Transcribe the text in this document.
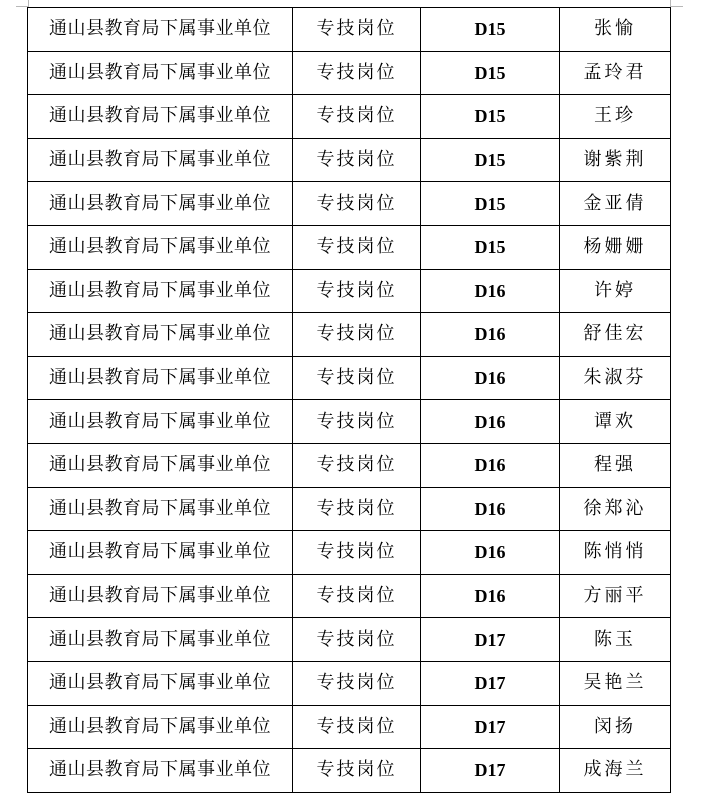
通山县教育局下属事业单位	专技岗位	D15	张愉
通山县教育局下属事业单位	专技岗位	D15	孟玲君
通山县教育局下属事业单位	专技岗位	D15	王珍
通山县教育局下属事业单位	专技岗位	D15	谢紫荆
通山县教育局下属事业单位	专技岗位	D15	金亚倩
通山县教育局下属事业单位	专技岗位	D15	杨姗姗
通山县教育局下属事业单位	专技岗位	D16	许婷
通山县教育局下属事业单位	专技岗位	D16	舒佳宏
通山县教育局下属事业单位	专技岗位	D16	朱淑芬
通山县教育局下属事业单位	专技岗位	D16	谭欢
通山县教育局下属事业单位	专技岗位	D16	程强
通山县教育局下属事业单位	专技岗位	D16	徐郑沁
通山县教育局下属事业单位	专技岗位	D16	陈悄悄
通山县教育局下属事业单位	专技岗位	D16	方丽平
通山县教育局下属事业单位	专技岗位	D17	陈玉
通山县教育局下属事业单位	专技岗位	D17	吴艳兰
通山县教育局下属事业单位	专技岗位	D17	闵扬
通山县教育局下属事业单位	专技岗位	D17	成海兰
